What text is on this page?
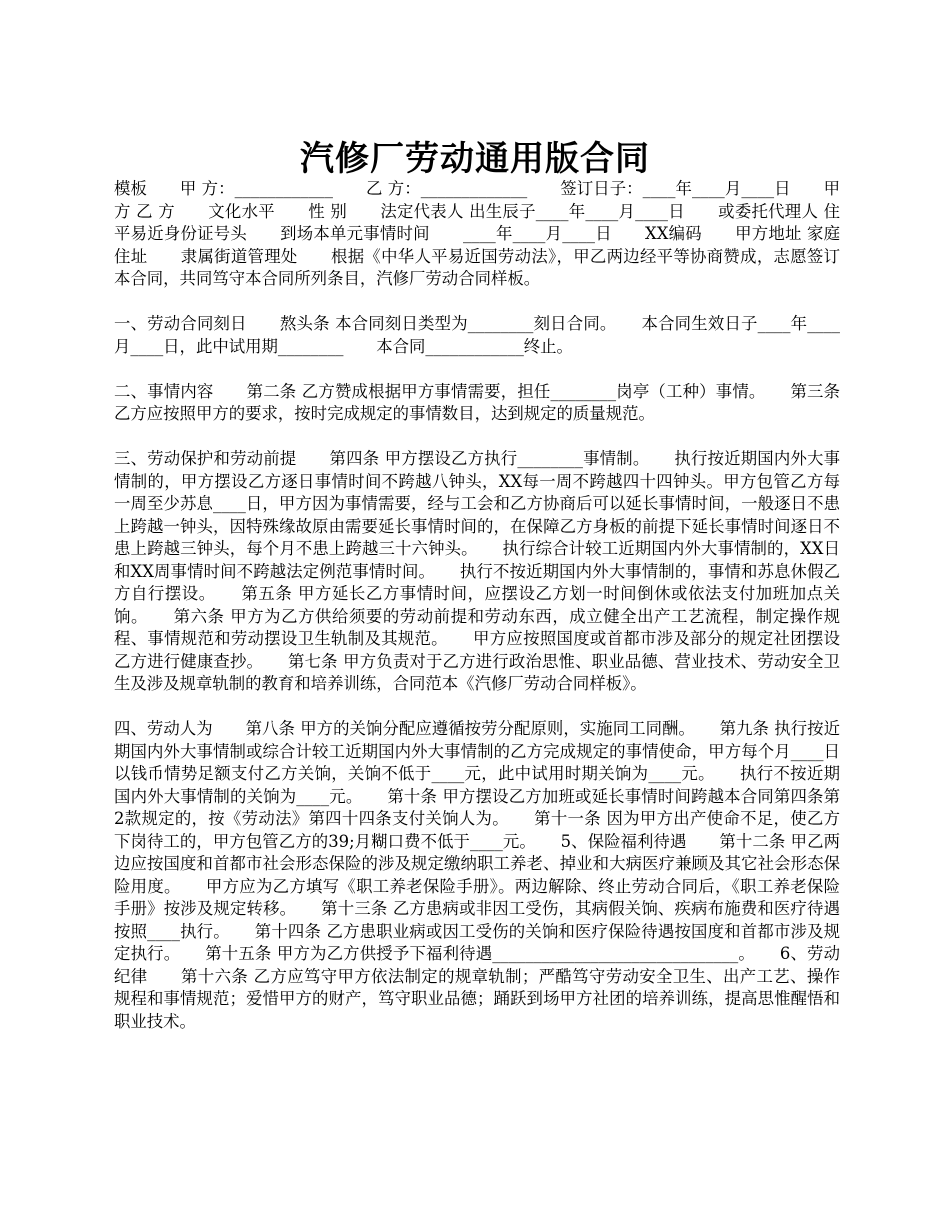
汽修厂劳动通用版合同

模板　　甲 方：____________　　乙 方：_____________　　签订日子：____年____月____日　　甲方 乙 方　　文化水平　　性 别　　法定代表人 出生辰子____年____月____日　　或委托代理人 住平易近身份证号头　　到场本单元事情时间　　____年____月____日　　XX编码　　甲方地址 家庭住址　　隶属街道管理处　　根据《中华人平易近国劳动法》，甲乙两边经平等协商赞成，志愿签订本合同，共同笃守本合同所列条目，汽修厂劳动合同样板。

一、劳动合同刻日　　熬头条 本合同刻日类型为________刻日合同。　　本合同生效日子____年____月____日，此中试用期________　　本合同____________终止。

二、事情内容　　第二条 乙方赞成根据甲方事情需要，担任________岗亭（工种）事情。　　第三条 乙方应按照甲方的要求，按时完成规定的事情数目，达到规定的质量规范。

三、劳动保护和劳动前提　　第四条 甲方摆设乙方执行________事情制。　　执行按近期国内外大事情制的，甲方摆设乙方逐日事情时间不跨越八钟头，XX每一周不跨越四十四钟头。甲方包管乙方每一周至少苏息____日，甲方因为事情需要，经与工会和乙方协商后可以延长事情时间，一般逐日不患上跨越一钟头，因特殊缘故原由需要延长事情时间的，在保障乙方身板的前提下延长事情时间逐日不患上跨越三钟头，每个月不患上跨越三十六钟头。　　执行综合计较工近期国内外大事情制的，XX日和XX周事情时间不跨越法定例范事情时间。　　执行不按近期国内外大事情制的，事情和苏息休假乙方自行摆设。　　第五条 甲方延长乙方事情时间，应摆设乙方划一时间倒休或依法支付加班加点关饷。　　第六条 甲方为乙方供给须要的劳动前提和劳动东西，成立健全出产工艺流程，制定操作规程、事情规范和劳动摆设卫生轨制及其规范。　　甲方应按照国度或首都市涉及部分的规定社团摆设乙方进行健康查抄。　　第七条 甲方负责对于乙方进行政治思惟、职业品德、营业技术、劳动安全卫生及涉及规章轨制的教育和培养训练，合同范本《汽修厂劳动合同样板》。

四、劳动人为　　第八条 甲方的关饷分配应遵循按劳分配原则，实施同工同酬。　　第九条 执行按近期国内外大事情制或综合计较工近期国内外大事情制的乙方完成规定的事情使命，甲方每个月____日以钱币情势足额支付乙方关饷，关饷不低于____元，此中试用时期关饷为____元。　　执行不按近期国内外大事情制的关饷为____元。　　第十条 甲方摆设乙方加班或延长事情时间跨越本合同第四条第2款规定的，按《劳动法》第四十四条支付关饷人为。　　第十一条 因为甲方出产使命不足，使乙方下岗待工的，甲方包管乙方的39;月糊口费不低于____元。　　5、保险福利待遇　　第十二条 甲乙两边应按国度和首都市社会形态保险的涉及规定缴纳职工养老、掉业和大病医疗兼顾及其它社会形态保险用度。　　甲方应为乙方填写《职工养老保险手册》。两边解除、终止劳动合同后，《职工养老保险手册》按涉及规定转移。　　第十三条 乙方患病或非因工受伤，其病假关饷、疾病布施费和医疗待遇按照____执行。　　第十四条 乙方患职业病或因工受伤的关饷和医疗保险待遇按国度和首都市涉及规定执行。　　第十五条 甲方为乙方供授予下福利待遇______________________________。　　6、劳动纪律　　第十六条 乙方应笃守甲方依法制定的规章轨制；严酷笃守劳动安全卫生、出产工艺、操作规程和事情规范；爱惜甲方的财产，笃守职业品德；踊跃到场甲方社团的培养训练，提高思惟醒悟和职业技术。
